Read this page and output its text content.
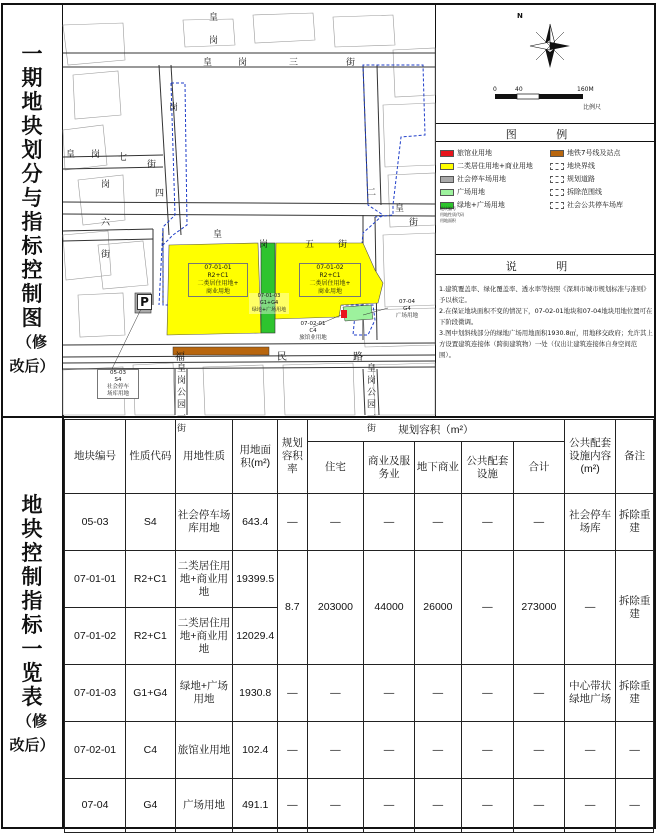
一
期
地
块
划
分
与
指
标
控
制
图
（修
改后）
地
块
控
制
指
标
一
览
表
（修
改后）
皇
岗
皇	岗	三	街
岗
四
皇 岗 七
街
皇
岗	五	街
岗
六
街
福	民	路
皇
岗
公
园
一
街
皇
岗
公
园
一
街
二
皇
街
07-01-01
R2+C1
二类居住用地+
商业用地
07-01-02
R2+C1
二类居住用地+
商业用地
07-01-03
G1+G4
绿地+广场用地
07-02-01
C4
旅馆业用地
07-04
G4
广场用地
05-03
S4
社会停车
场库用地
P
N
0	40	160M
比例尺
图 例
旅馆业用地
二类居住用地+商业用地
社会停车场用地
广场用地
绿地+广场用地
地铁7号线及站点
地块界线
规划道路
拆除范围线
社会公共停车场库
地块编号
用地性质代码
用地面积
说 明
1.建筑覆盖率、绿化覆盖率、透水率等按照《深圳市城市规划标准与准则》予以核定。
2.在保证地块面积不变的情况下，07-02-01地块和07-04地块用地位置可在下阶段微调。
3.图中划斜线部分的绿地广场用地面积1930.8㎡，用地移交政府；允许其上方设置建筑连接体（跨街建筑物）一处（仅出让建筑连接体自身空间范围）。
地块编号	性质代码	用地性质	用地面积(m²)	规划容积率	规划容积（m²）					公共配套设施内容(m²)	备注
					住宅	商业及服务业	地下商业	公共配套设施	合计		
05-03	S4	社会停车场库用地	643.4	—	—	—	—	—	—	社会停车场库	拆除重建
07-01-01	R2+C1	二类居住用地+商业用地	19399.5	8.7	203000	44000	26000	—	273000	—	拆除重建
07-01-02	R2+C1	二类居住用地+商业用地	12029.4								
07-01-03	G1+G4	绿地+广场用地	1930.8	—	—	—	—	—	—	中心带状绿地广场	拆除重建
07-02-01	C4	旅馆业用地	102.4	—	—	—	—	—	—	—	—
07-04	G4	广场用地	491.1	—	—	—	—	—	—	—	—
